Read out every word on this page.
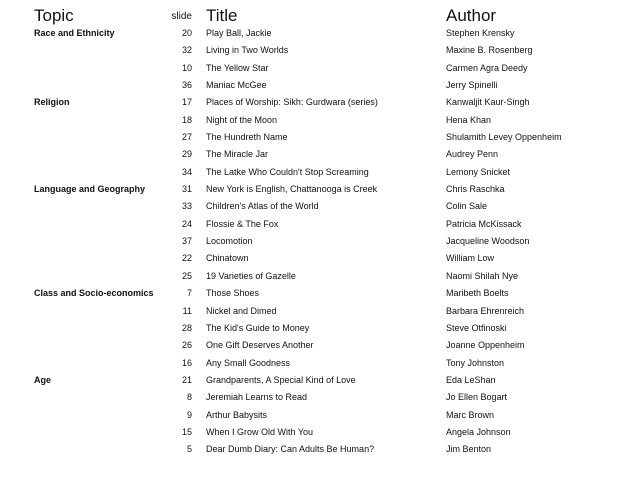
Topic	slide Title	Author
Race and Ethnicity	20 Play Ball, Jackie	Stephen Krensky
32 Living in Two Worlds	Maxine B. Rosenberg
10 The Yellow Star	Carmen Agra Deedy
36 Maniac McGee	Jerry Spinelli
Religion	17 Places of Worship: Sikh: Gurdwara (series)	Kanwaljit Kaur-Singh
18 Night of the Moon	Hena Khan
27 The Hundreth Name	Shulamith Levey Oppenheim
29 The Miracle Jar	Audrey Penn
34 The Latke Who Couldn't Stop Screaming	Lemony Snicket
Language and Geography	31 New York is English, Chattanooga is Creek	Chris Raschka
33 Children's Atlas of the World	Colin Sale
24 Flossie & The Fox	Patricia McKissack
37 Locomotion	Jacqueline Woodson
22 Chinatown	William Low
25 19 Varieties of Gazelle	Naomi Shilah Nye
Class and Socio-economics	7 Those Shoes	Maribeth Boelts
11 Nickel and Dimed	Barbara Ehrenreich
28 The Kid's Guide to Money	Steve Otfinoski
26 One Gift Deserves Another	Joanne Oppenheim
16 Any Small Goodness	Tony Johnston
Age	21 Grandparents, A Special Kind of Love	Eda LeShan
8 Jeremiah Learns to Read	Jo Ellen Bogart
9 Arthur Babysits	Marc Brown
15 When I Grow Old With You	Angela Johnson
5 Dear Dumb Diary: Can Adults Be Human?	Jim Benton
